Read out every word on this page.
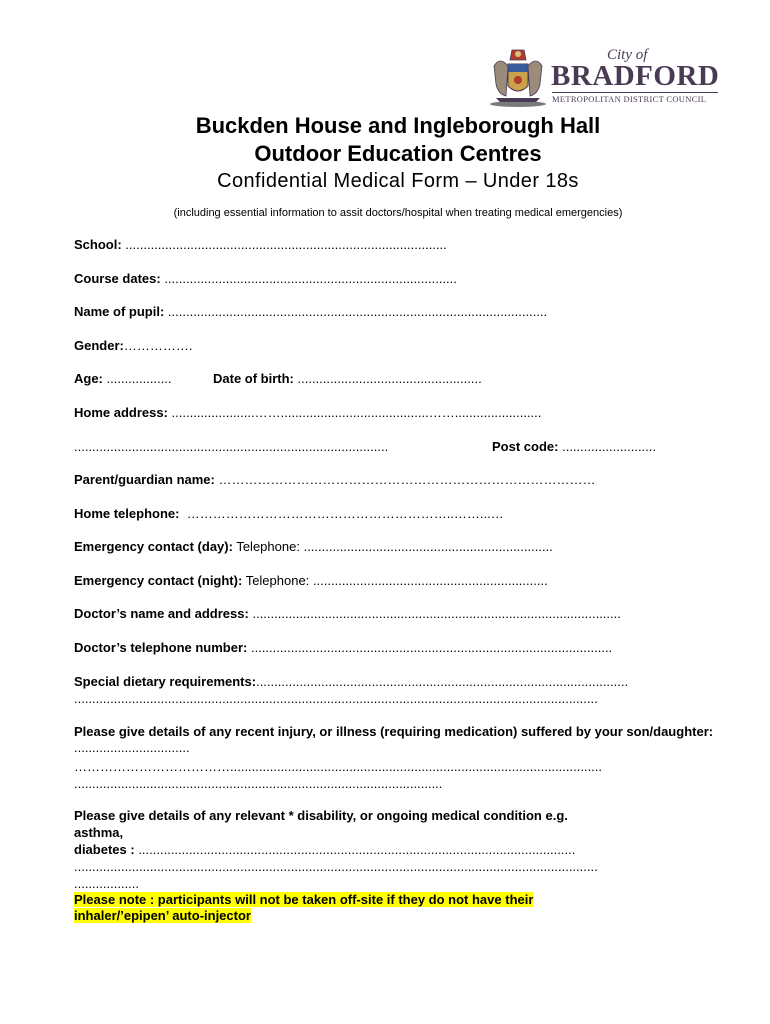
City of
BRADFORD
METROPOLITAN DISTRICT COUNCIL
Buckden House and Ingleborough Hall
Outdoor Education Centres
Confidential Medical Form – Under 18s
(including essential information to assit doctors/hospital when treating medical emergencies)
School: .........................................................................................
Course dates: .................................................................................
Name of pupil: .........................................................................................................
Gender:…………….
Age: ..................	Date of birth: ...................................................
Home address: .......................…….........................................……........................
.......................................................................................	Post code: ..........................
Parent/guardian name: ……………………………………………………………………………
Home telephone: ……………………………………………………..……...…
Emergency contact (day): Telephone: .....................................................................
Emergency contact (night): Telephone: .................................................................
Doctor’s name and address: ......................................................................................................
Doctor’s telephone number: ....................................................................................................
Special dietary requirements:.......................................................................................................
.................................................................................................................................................
Please give details of any recent injury, or illness (requiring medication) suffered by your son/daughter: ................................
……………………………….......................................................................................................
......................................................................................................
Please give details of any relevant * disability, or ongoing medical condition e.g.
asthma,
diabetes : .........................................................................................................................
.................................................................................................................................................
..................
Please note : participants will not be taken off-site if they do not have their
inhaler/’epipen’ auto-injector
